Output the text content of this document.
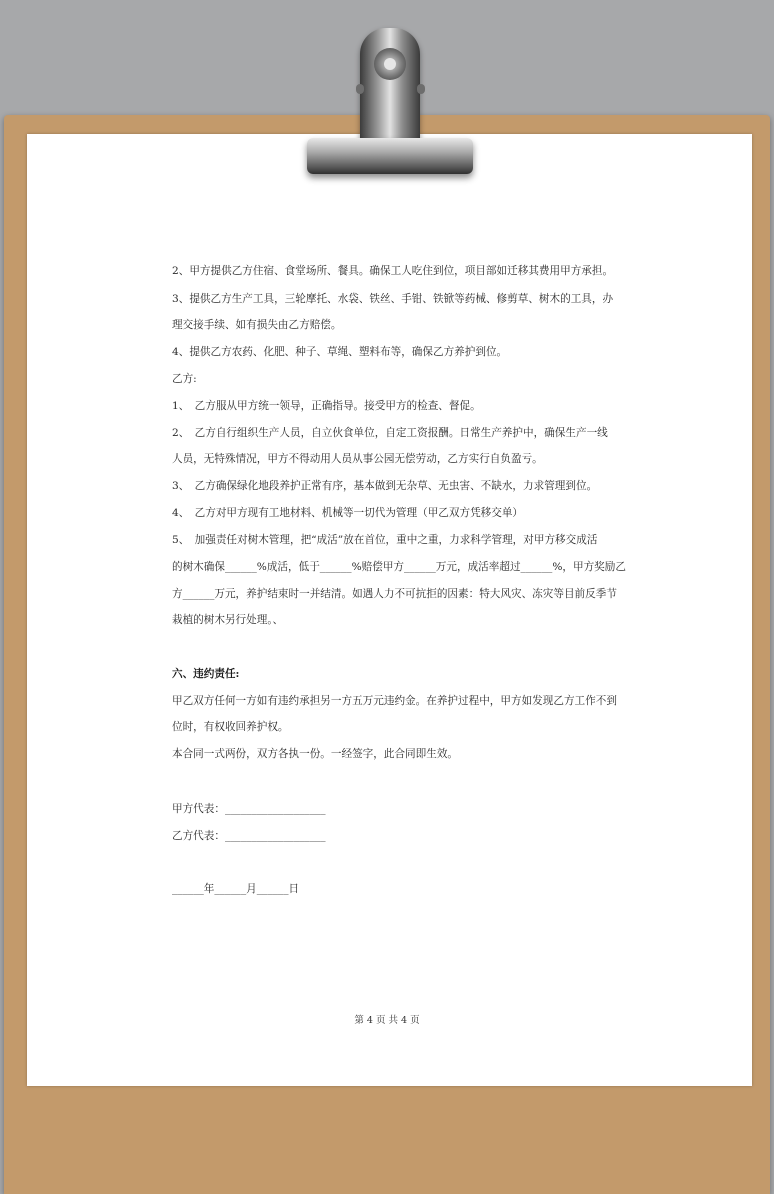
2、甲方提供乙方住宿、食堂场所、餐具。确保工人吃住到位，项目部如迁移其费用甲方承担。

3、提供乙方生产工具，三轮摩托、水袋、铁丝、手钳、铁锨等药械、修剪草、树木的工具，办

理交接手续、如有损失由乙方赔偿。

4、提供乙方农药、化肥、种子、草绳、塑料布等，确保乙方养护到位。

乙方:

1、　乙方服从甲方统一领导，正确指导。接受甲方的检查、督促。

2、　乙方自行组织生产人员，自立伙食单位，自定工资报酬。日常生产养护中，确保生产一线

人员，无特殊情况，甲方不得动用人员从事公园无偿劳动，乙方实行自负盈亏。

3、　乙方确保绿化地段养护正常有序，基本做到无杂草、无虫害、不缺水，力求管理到位。

4、　乙方对甲方现有工地材料、机械等一切代为管理（甲乙双方凭移交单）

5、　加强责任对树木管理，把“成活”放在首位，重中之重，力求科学管理，对甲方移交成活

的树木确保______%成活，低于______%赔偿甲方______万元，成活率超过______%，甲方奖励乙

方______万元，养护结束时一并结清。如遇人力不可抗拒的因素：特大风灾、冻灾等目前反季节

栽植的树木另行处理。、

六、违约责任:

甲乙双方任何一方如有违约承担另一方五万元违约金。在养护过程中，甲方如发现乙方工作不到

位时，有权收回养护权。

本合同一式两份，双方各执一份。一经签字，此合同即生效。

甲方代表：___________________

乙方代表：___________________

______年______月______日

第 4 页 共 4 页
